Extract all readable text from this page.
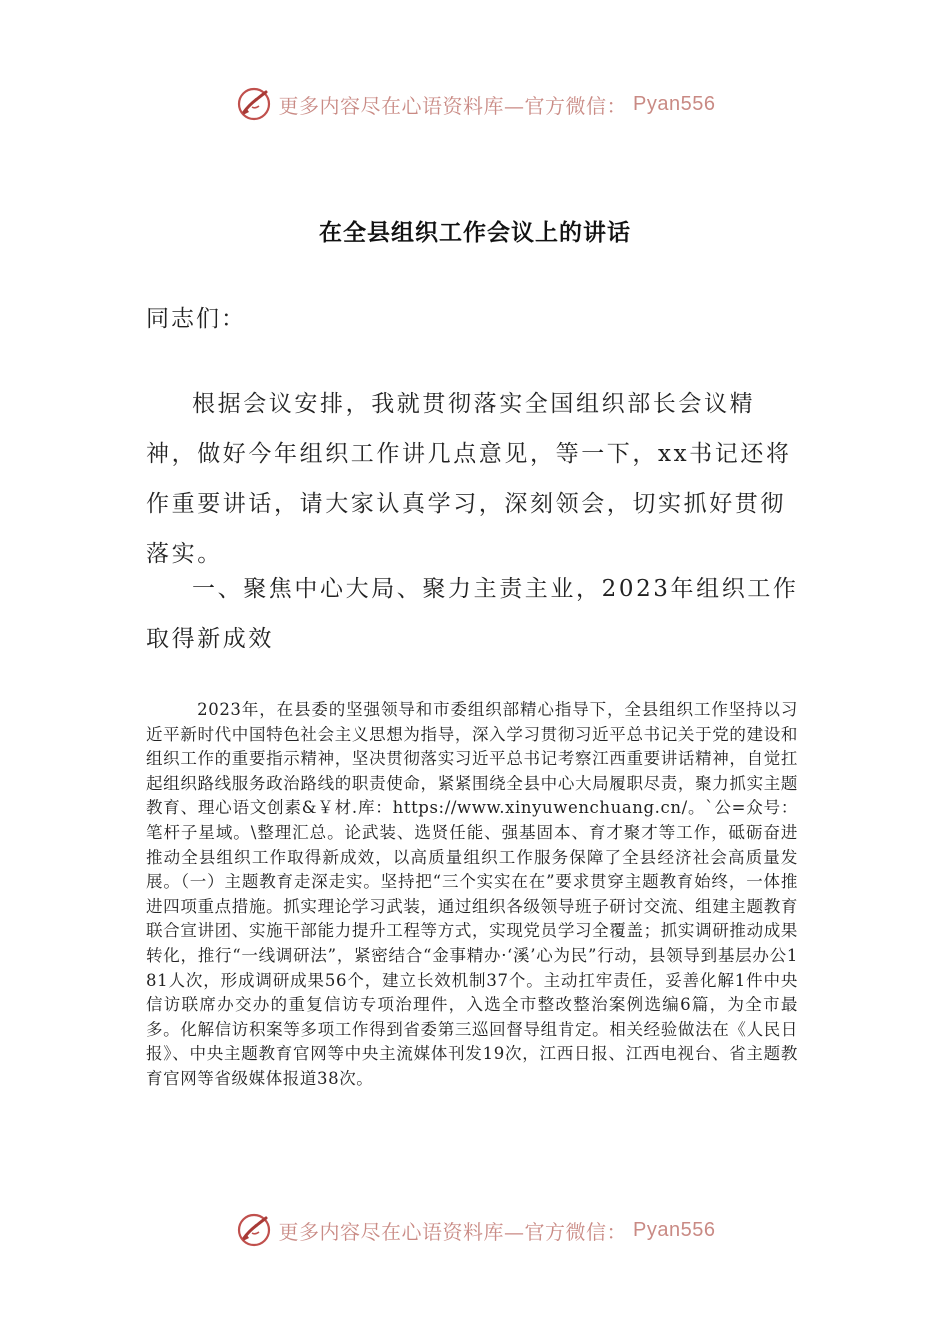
更多内容尽在心语资料库—官方微信： Pyan556
在全县组织工作会议上的讲话
同志们：

根据会议安排，我就贯彻落实全国组织部长会议精神，做好今年组织工作讲几点意见，等一下，xx书记还将作重要讲话，请大家认真学习，深刻领会，切实抓好贯彻落实。

一、聚焦中心大局、聚力主责主业，2023年组织工作取得新成效

2023年，在县委的坚强领导和市委组织部精心指导下，全县组织工作坚持以习近平新时代中国特色社会主义思想为指导，深入学习贯彻习近平总书记关于党的建设和组织工作的重要指示精神，坚决贯彻落实习近平总书记考察江西重要讲话精神，自觉扛起组织路线服务政治路线的职责使命，紧紧围绕全县中心大局履职尽责，聚力抓实主题教育、理心语文创素&￥材.库：https://www.xinyuwenchuang.cn/。`公=众号：笔杆子星域。\整理汇总。论武装、选贤任能、强基固本、育才聚才等工作，砥砺奋进推动全县组织工作取得新成效，以高质量组织工作服务保障了全县经济社会高质量发展。（一）主题教育走深走实。坚持把“三个实实在在”要求贯穿主题教育始终，一体推进四项重点措施。抓实理论学习武装，通过组织各级领导班子研讨交流、组建主题教育联合宣讲团、实施干部能力提升工程等方式，实现党员学习全覆盖；抓实调研推动成果转化，推行“一线调研法”，紧密结合“金事精办·‘溪’心为民”行动，县领导到基层办公181人次，形成调研成果56个，建立长效机制37个。主动扛牢责任，妥善化解1件中央信访联席办交办的重复信访专项治理件，入选全市整改整治案例选编6篇，为全市最多。化解信访积案等多项工作得到省委第三巡回督导组肯定。相关经验做法在《人民日报》、中央主题教育官网等中央主流媒体刊发19次，江西日报、江西电视台、省主题教育官网等省级媒体报道38次。

更多内容尽在心语资料库—官方微信： Pyan556
